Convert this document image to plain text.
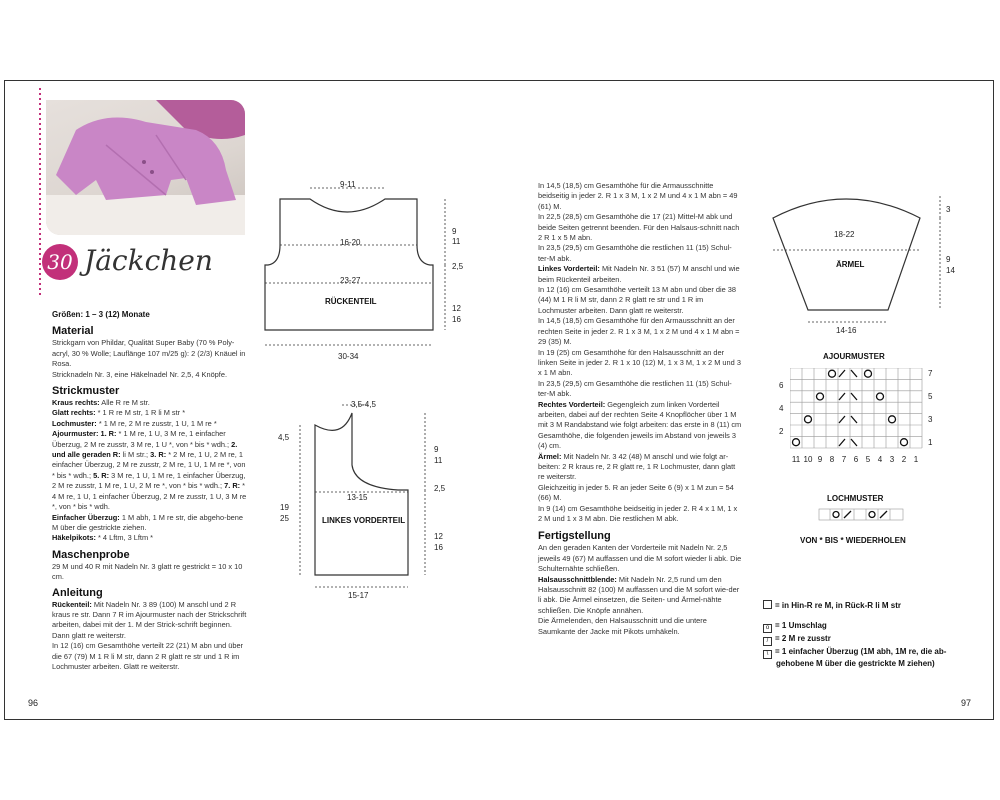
96	97
30 Jäckchen

Größen: 1 – 3 (12) Monate

Material

Strickgarn von Phildar, Qualität Super Baby (70 % Poly-acryl, 30 % Wolle; Lauflänge 107 m/25 g): 2 (2/3) Knäuel in Rosa.

Stricknadeln Nr. 3, eine Häkelnadel Nr. 2,5, 4 Knöpfe.

Strickmuster

Kraus rechts: Alle R re M str.

Glatt rechts: * 1 R re M str, 1 R li M str *

Lochmuster: * 1 M re, 2 M re zusstr, 1 U, 1 M re *

Ajourmuster: 1. R: * 1 M re, 1 U, 3 M re, 1 einfacher Überzug, 2 M re zusstr, 3 M re, 1 U *, von * bis * wdh.; 2. und alle geraden R: li M str.; 3. R: * 2 M re, 1 U, 2 M re, 1 einfacher Überzug, 2 M re zusstr, 2 M re, 1 U, 1 M re *, von * bis * wdh.; 5. R: 3 M re, 1 U, 1 M re, 1 einfacher Überzug, 2 M re zusstr, 1 M re, 1 U, 2 M re *, von * bis * wdh.; 7. R: * 4 M re, 1 U, 1 einfacher Überzug, 2 M re zusstr, 1 U, 3 M re *, von * bis * wdh.

Einfacher Überzug: 1 M abh, 1 M re str, die abgeho-bene M über die gestrickte ziehen.

Häkelpikots: * 4 Lftm, 3 Lftm *

Maschenprobe

29 M und 40 R mit Nadeln Nr. 3 glatt re gestrickt = 10 x 10 cm.

Anleitung

Rückenteil: Mit Nadeln Nr. 3 89 (100) M anschl und 2 R kraus re str. Dann 7 R im Ajourmuster nach der Strickschrift arbeiten, dabei mit der 1. M der Strick-schrift beginnen. Dann glatt re weiterstr.

In 12 (16) cm Gesamthöhe verteilt 22 (21) M abn und über die 67 (79) M 1 R li M str, dann 2 R glatt re str und 1 R im Lochmuster arbeiten. Glatt re weiterstr.

9-11
16-20
23-27
RÜCKENTEIL
30-34
9
11
2,5
12
16
3,5-4,5
4,5
13-15
LINKES VORDERTEIL
15-17
9
11
2,5
12
16
19
25

In 14,5 (18,5) cm Gesamthöhe für die Armausschnitte beidseitig in jeder 2. R 1 x 3 M, 1 x 2 M und 4 x 1 M abn = 49 (61) M.

In 22,5 (28,5) cm Gesamthöhe die 17 (21) Mittel-M abk und beide Seiten getrennt beenden. Für den Halsaus-schnitt nach 2 R 1 x 5 M abn.

In 23,5 (29,5) cm Gesamthöhe die restlichen 11 (15) Schul-ter-M abk.

Linkes Vorderteil: Mit Nadeln Nr. 3 51 (57) M anschl und wie beim Rückenteil arbeiten.

In 12 (16) cm Gesamthöhe verteilt 13 M abn und über die 38 (44) M 1 R li M str, dann 2 R glatt re str und 1 R im Lochmuster arbeiten. Dann glatt re weiterstr.

In 14,5 (18,5) cm Gesamthöhe für den Armausschnitt an der rechten Seite in jeder 2. R 1 x 3 M, 1 x 2 M und 4 x 1 M abn = 29 (35) M.

In 19 (25) cm Gesamthöhe für den Halsausschnitt an der linken Seite in jeder 2. R 1 x 10 (12) M, 1 x 3 M, 1 x 2 M und 3 x 1 M abn.

In 23,5 (29,5) cm Gesamthöhe die restlichen 11 (15) Schul-ter-M abk.

Rechtes Vorderteil: Gegengleich zum linken Vorderteil arbeiten, dabei auf der rechten Seite 4 Knopflöcher über 1 M mit 3 M Randabstand wie folgt arbeiten: das erste in 8 (11) cm Gesamthöhe, die folgenden jeweils im Abstand von jeweils 3 (4) cm.

Ärmel: Mit Nadeln Nr. 3 42 (48) M anschl und wie folgt ar-beiten: 2 R kraus re, 2 R glatt re, 1 R Lochmuster, dann glatt re weiterstr.

Gleichzeitig in jeder 5. R an jeder Seite 6 (9) x 1 M zun = 54 (66) M.

In 9 (14) cm Gesamthöhe beidseitig in jeder 2. R 4 x 1 M, 1 x 2 M und 1 x 3 M abn. Die restlichen M abk.

Fertigstellung

An den geraden Kanten der Vorderteile mit Nadeln Nr. 2,5 jeweils 49 (67) M auffassen und die M sofort wieder li abk. Die Schulternähte schließen.

Halsausschnittblende: Mit Nadeln Nr. 2,5 rund um den Halsausschnitt 82 (100) M auffassen und die M sofort wie-der li abk. Die Ärmel einsetzen, die Seiten- und Ärmel-nähte schließen. Die Knöpfe annähen.

Die Ärmelenden, den Halsausschnitt und die untere Saumkante der Jacke mit Pikots umhäkeln.

18-22
ÄRMEL
14-16
3
9
14
AJOURMUSTER
6
4
2
7
5
3
1
11 10 9 8 7 6 5 4 3 2 1
LOCHMUSTER
VON * BIS * WIEDERHOLEN
= in Hin-R re M, in Rück-R li M str
o = 1 Umschlag
/ = 2 M re zusstr
\ = 1 einfacher Überzug (1M abh, 1M re, die ab-
gehobene M über die gestrickte M ziehen)
